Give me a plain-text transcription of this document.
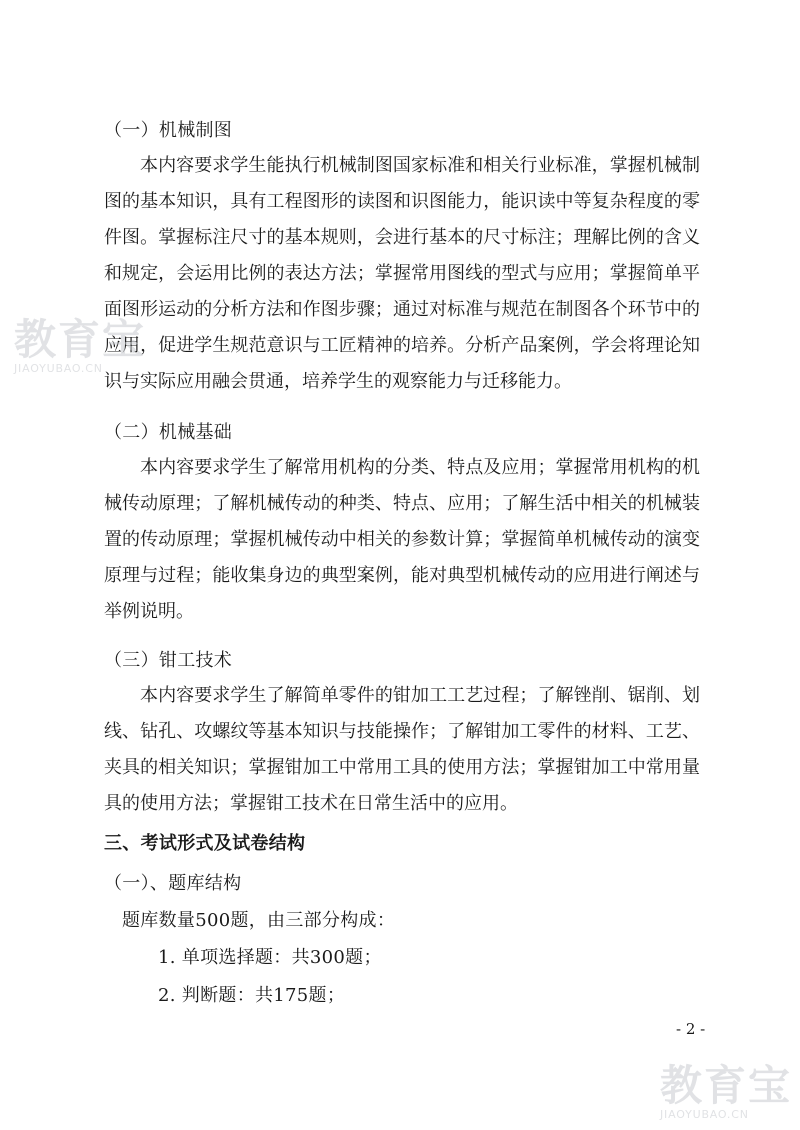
（一）机械制图

本内容要求学生能执行机械制图国家标准和相关行业标准，掌握机械制图的基本知识，具有工程图形的读图和识图能力，能识读中等复杂程度的零件图。掌握标注尺寸的基本规则，会进行基本的尺寸标注；理解比例的含义和规定，会运用比例的表达方法；掌握常用图线的型式与应用；掌握简单平面图形运动的分析方法和作图步骤；通过对标准与规范在制图各个环节中的应用，促进学生规范意识与工匠精神的培养。分析产品案例，学会将理论知识与实际应用融会贯通，培养学生的观察能力与迁移能力。

（二）机械基础

本内容要求学生了解常用机构的分类、特点及应用；掌握常用机构的机械传动原理；了解机械传动的种类、特点、应用；了解生活中相关的机械装置的传动原理；掌握机械传动中相关的参数计算；掌握简单机械传动的演变原理与过程；能收集身边的典型案例，能对典型机械传动的应用进行阐述与举例说明。

（三）钳工技术

本内容要求学生了解简单零件的钳加工工艺过程；了解锉削、锯削、划线、钻孔、攻螺纹等基本知识与技能操作；了解钳加工零件的材料、工艺、夹具的相关知识；掌握钳加工中常用工具的使用方法；掌握钳加工中常用量具的使用方法；掌握钳工技术在日常生活中的应用。

三、考试形式及试卷结构
（一）、题库结构
题库数量500题，由三部分构成：
1. 单项选择题：共300题；
2. 判断题：共175题；
- 2 -
教育宝
JIAOYUBAO.CN
教育宝
JIAOYUBAO.CN
